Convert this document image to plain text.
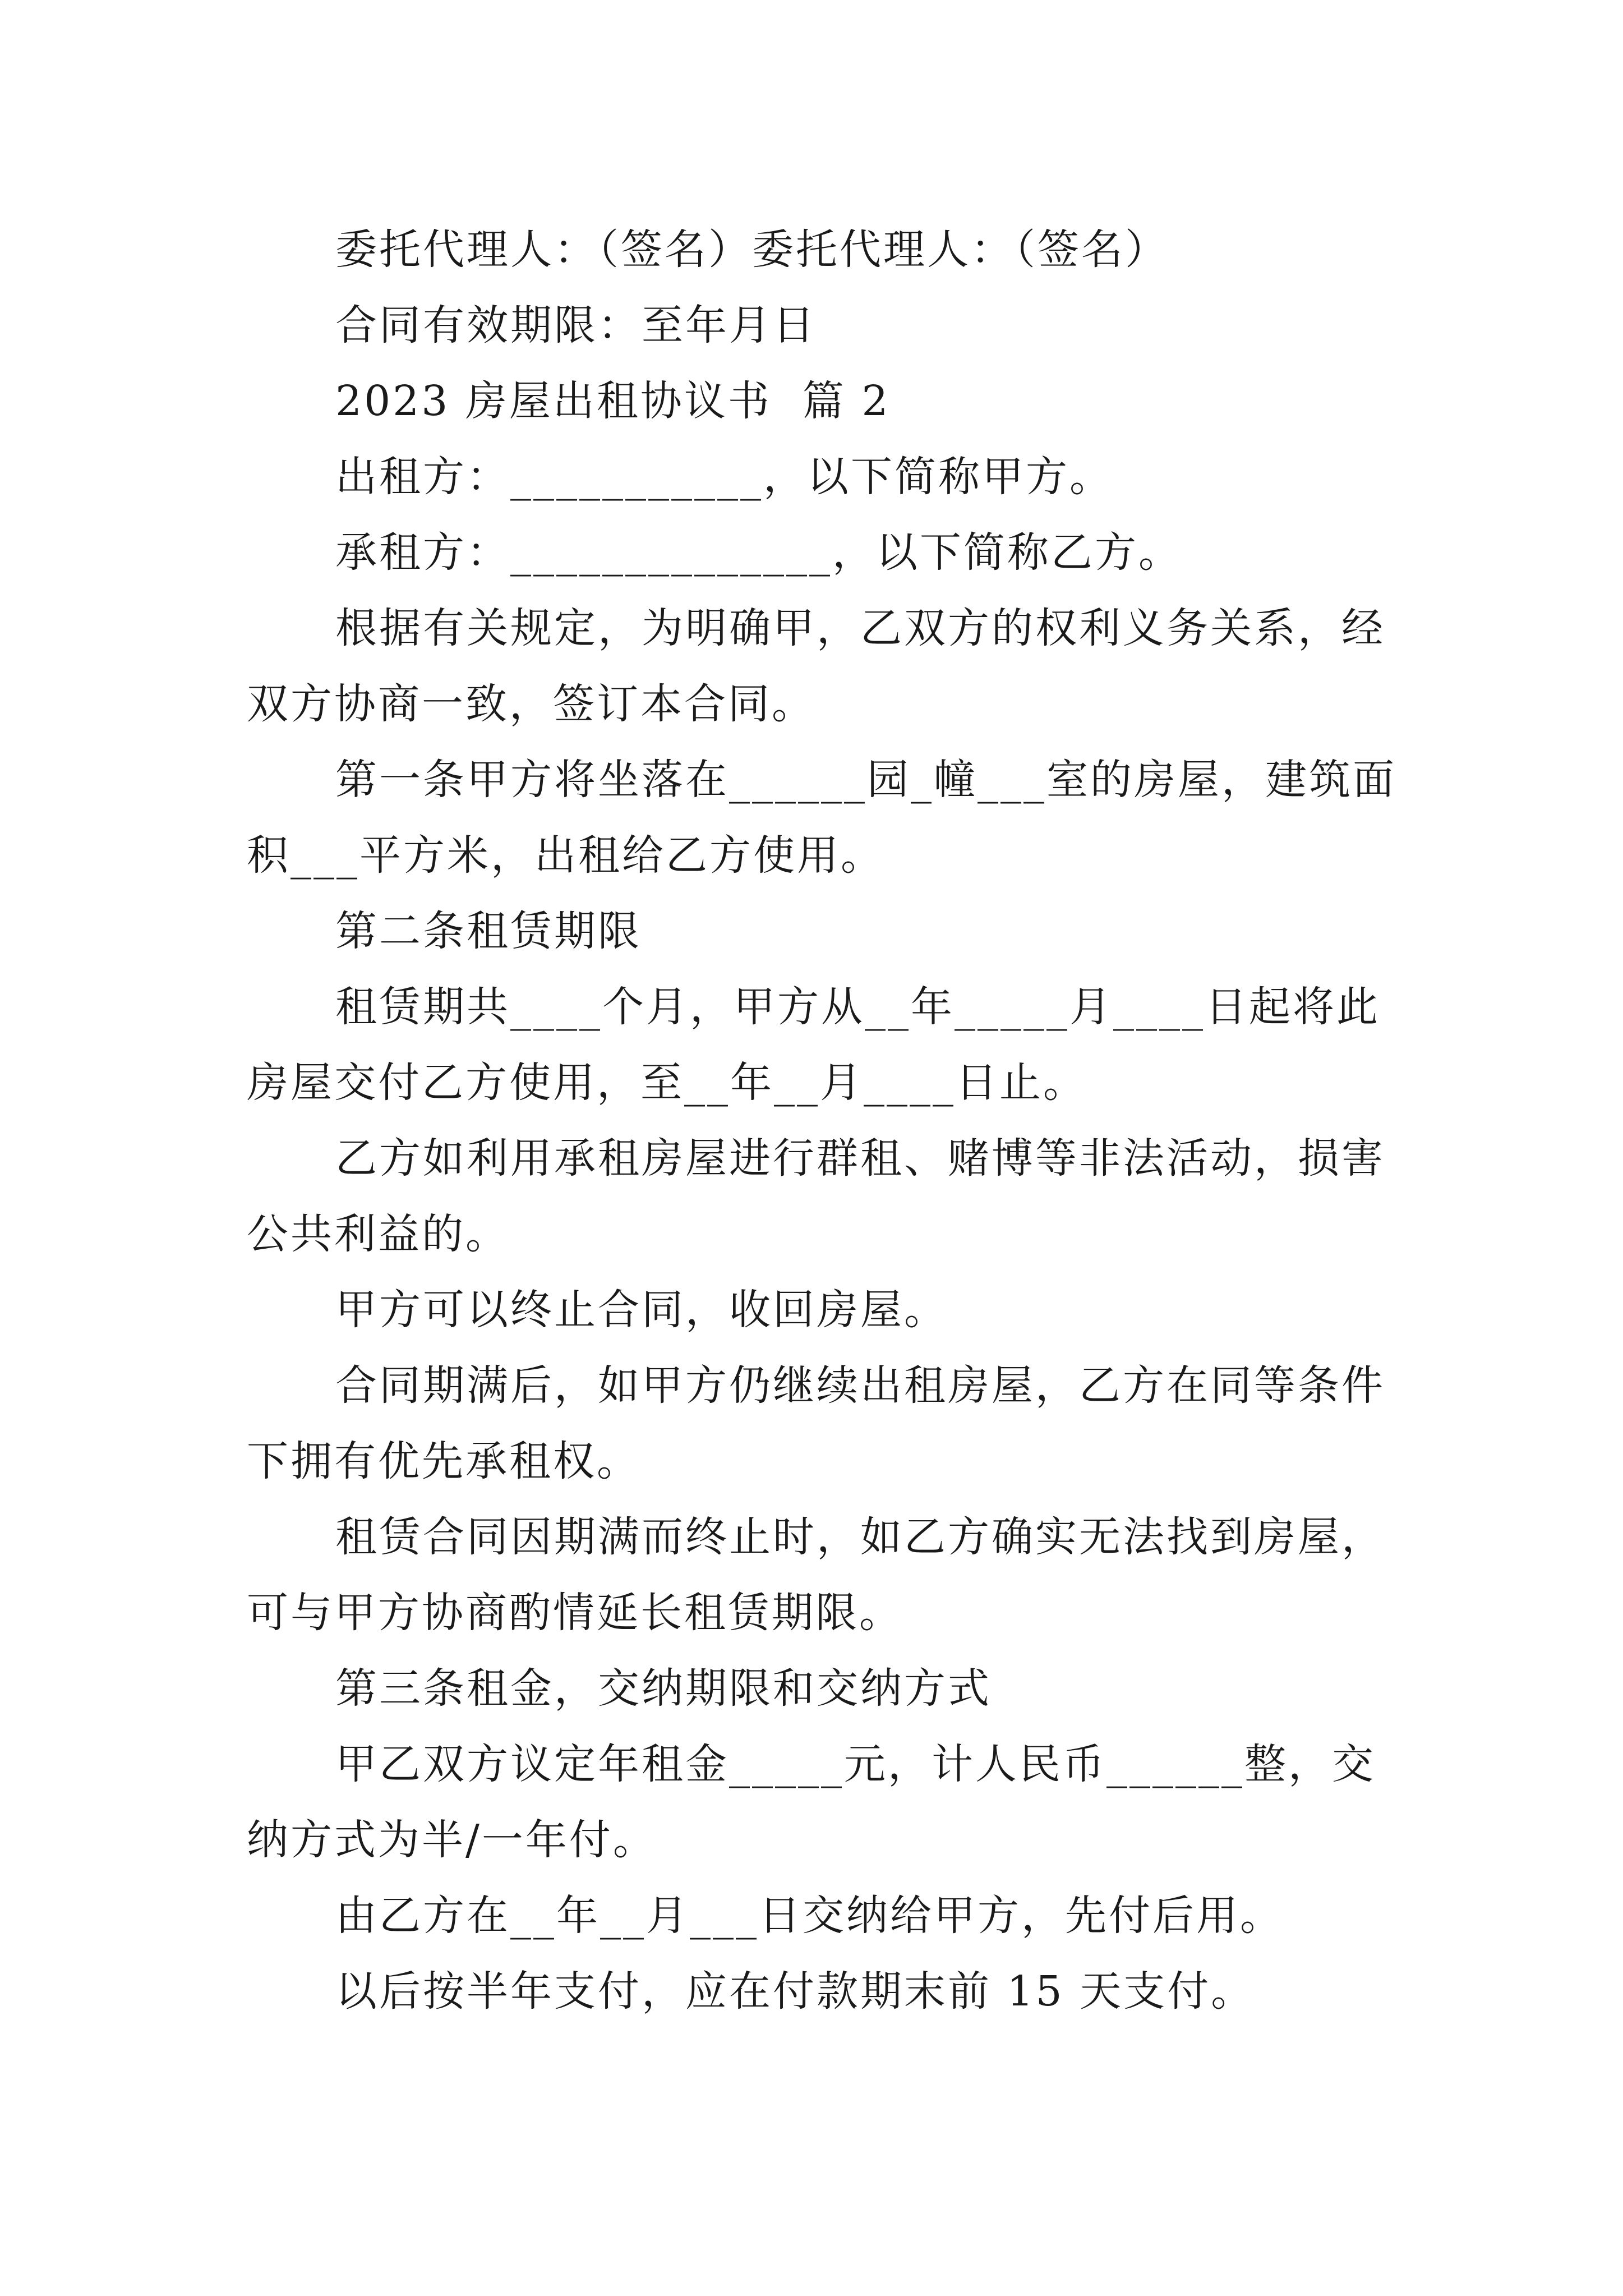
委托代理人：（签名）委托代理人：（签名）

合同有效期限：至年月日

2023 房屋出租协议书  篇 2

出租方：___________，以下简称甲方。

承租方：______________，以下简称乙方。

根据有关规定，为明确甲，乙双方的权利义务关系，经双方协商一致，签订本合同。

第一条甲方将坐落在______园_幢___室的房屋，建筑面积___平方米，出租给乙方使用。

第二条租赁期限

租赁期共____个月，甲方从__年_____月____日起将此房屋交付乙方使用，至__年__月____日止。

乙方如利用承租房屋进行群租、赌博等非法活动，损害公共利益的。

甲方可以终止合同，收回房屋。

合同期满后，如甲方仍继续出租房屋，乙方在同等条件下拥有优先承租权。

租赁合同因期满而终止时，如乙方确实无法找到房屋，可与甲方协商酌情延长租赁期限。

第三条租金，交纳期限和交纳方式

甲乙双方议定年租金_____元，计人民币______整，交纳方式为半/一年付。

由乙方在__年__月___日交纳给甲方，先付后用。

以后按半年支付，应在付款期末前 15 天支付。
